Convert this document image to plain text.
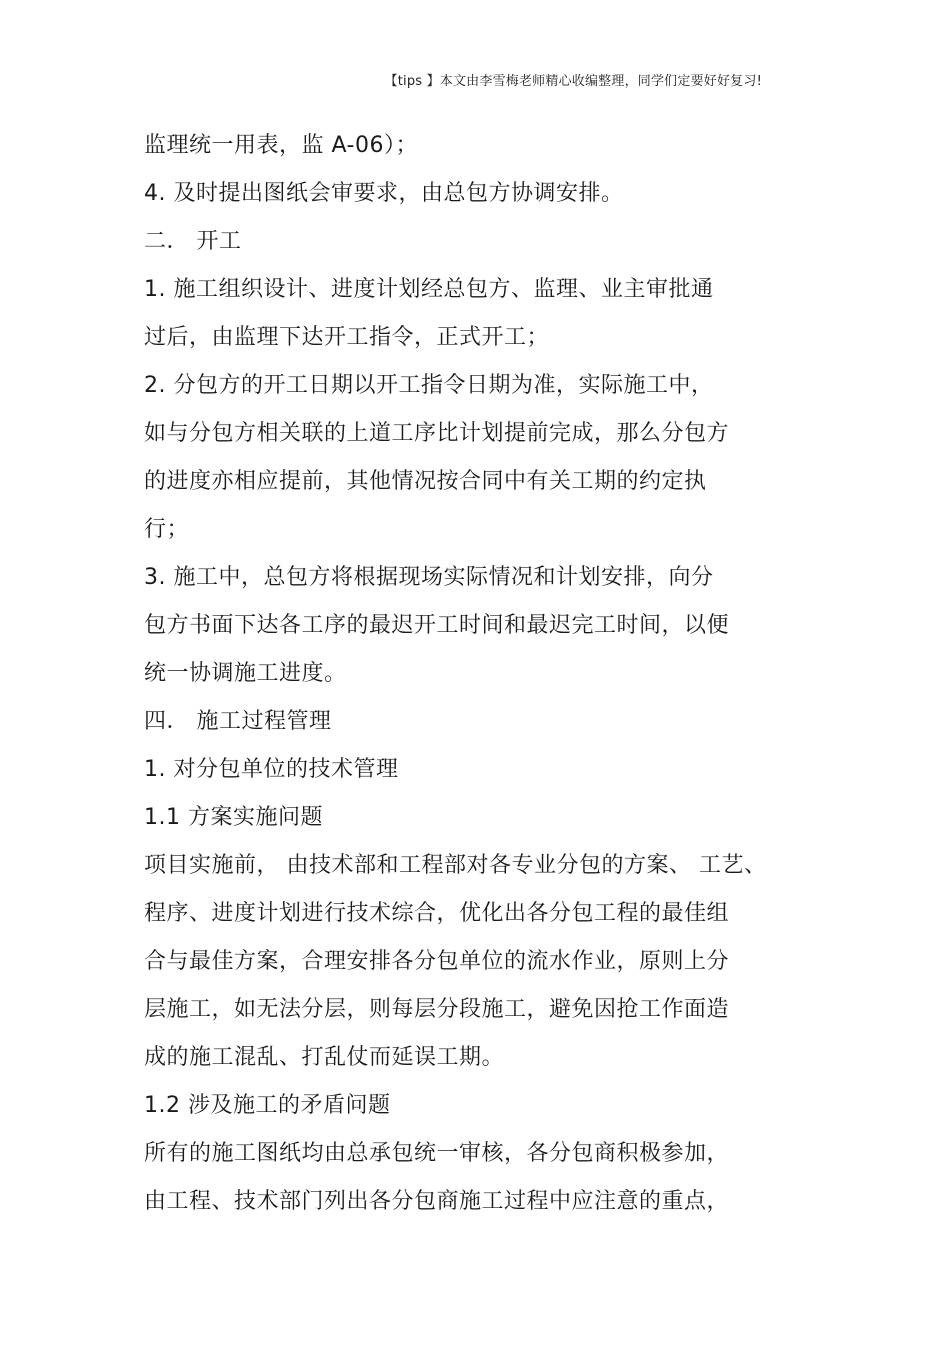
【tips 】本文由李雪梅老师精心收编整理，同学们定要好好复习!
监理统一用表，监 A-06）；
4. 及时提出图纸会审要求，由总包方协调安排。
二． 开工
1. 施工组织设计、进度计划经总包方、监理、业主审批通
过后，由监理下达开工指令，正式开工；
2. 分包方的开工日期以开工指令日期为准，实际施工中，
如与分包方相关联的上道工序比计划提前完成，那么分包方
的进度亦相应提前，其他情况按合同中有关工期的约定执
行；
3. 施工中，总包方将根据现场实际情况和计划安排，向分
包方书面下达各工序的最迟开工时间和最迟完工时间，以便
统一协调施工进度。
四． 施工过程管理
1. 对分包单位的技术管理
1.1 方案实施问题
项目实施前， 由技术部和工程部对各专业分包的方案、 工艺、
程序、进度计划进行技术综合，优化出各分包工程的最佳组
合与最佳方案，合理安排各分包单位的流水作业，原则上分
层施工，如无法分层，则每层分段施工，避免因抢工作面造
成的施工混乱、打乱仗而延误工期。
1.2 涉及施工的矛盾问题
所有的施工图纸均由总承包统一审核，各分包商积极参加，
由工程、技术部门列出各分包商施工过程中应注意的重点，
